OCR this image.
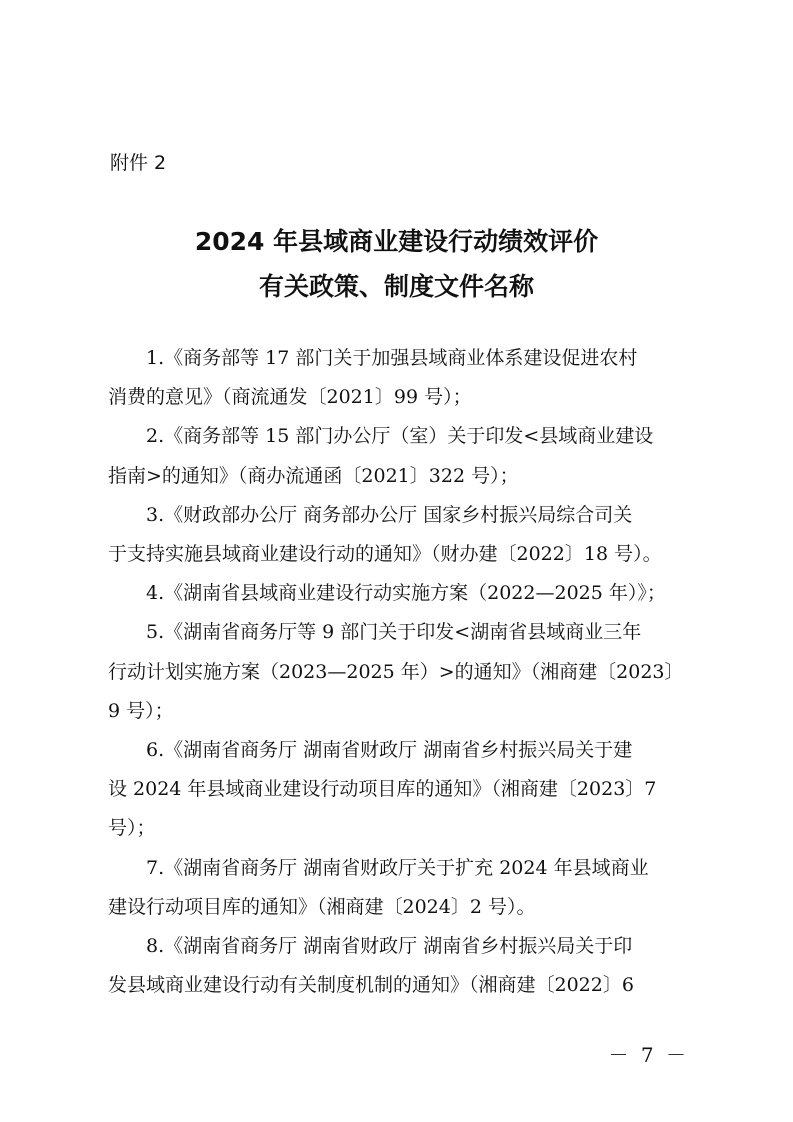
附件 2
2024 年县域商业建设行动绩效评价
有关政策、制度文件名称
1.《商务部等 17 部门关于加强县域商业体系建设促进农村
消费的意见》（商流通发〔2021〕99 号）；
2.《商务部等 15 部门办公厅（室）关于印发<县域商业建设
指南>的通知》（商办流通函〔2021〕322 号）；
3.《财政部办公厅 商务部办公厅 国家乡村振兴局综合司关
于支持实施县域商业建设行动的通知》（财办建〔2022〕18 号）。
4.《湖南省县域商业建设行动实施方案（2022—2025 年）》；
5.《湖南省商务厅等 9 部门关于印发<湖南省县域商业三年
行动计划实施方案（2023—2025 年）>的通知》（湘商建〔2023〕
9 号）；
6.《湖南省商务厅 湖南省财政厅 湖南省乡村振兴局关于建
设 2024 年县域商业建设行动项目库的通知》（湘商建〔2023〕7
号）；
7.《湖南省商务厅 湖南省财政厅关于扩充 2024 年县域商业
建设行动项目库的通知》（湘商建〔2024〕2 号）。
8.《湖南省商务厅 湖南省财政厅 湖南省乡村振兴局关于印
发县域商业建设行动有关制度机制的通知》（湘商建〔2022〕6
－ 7 －
